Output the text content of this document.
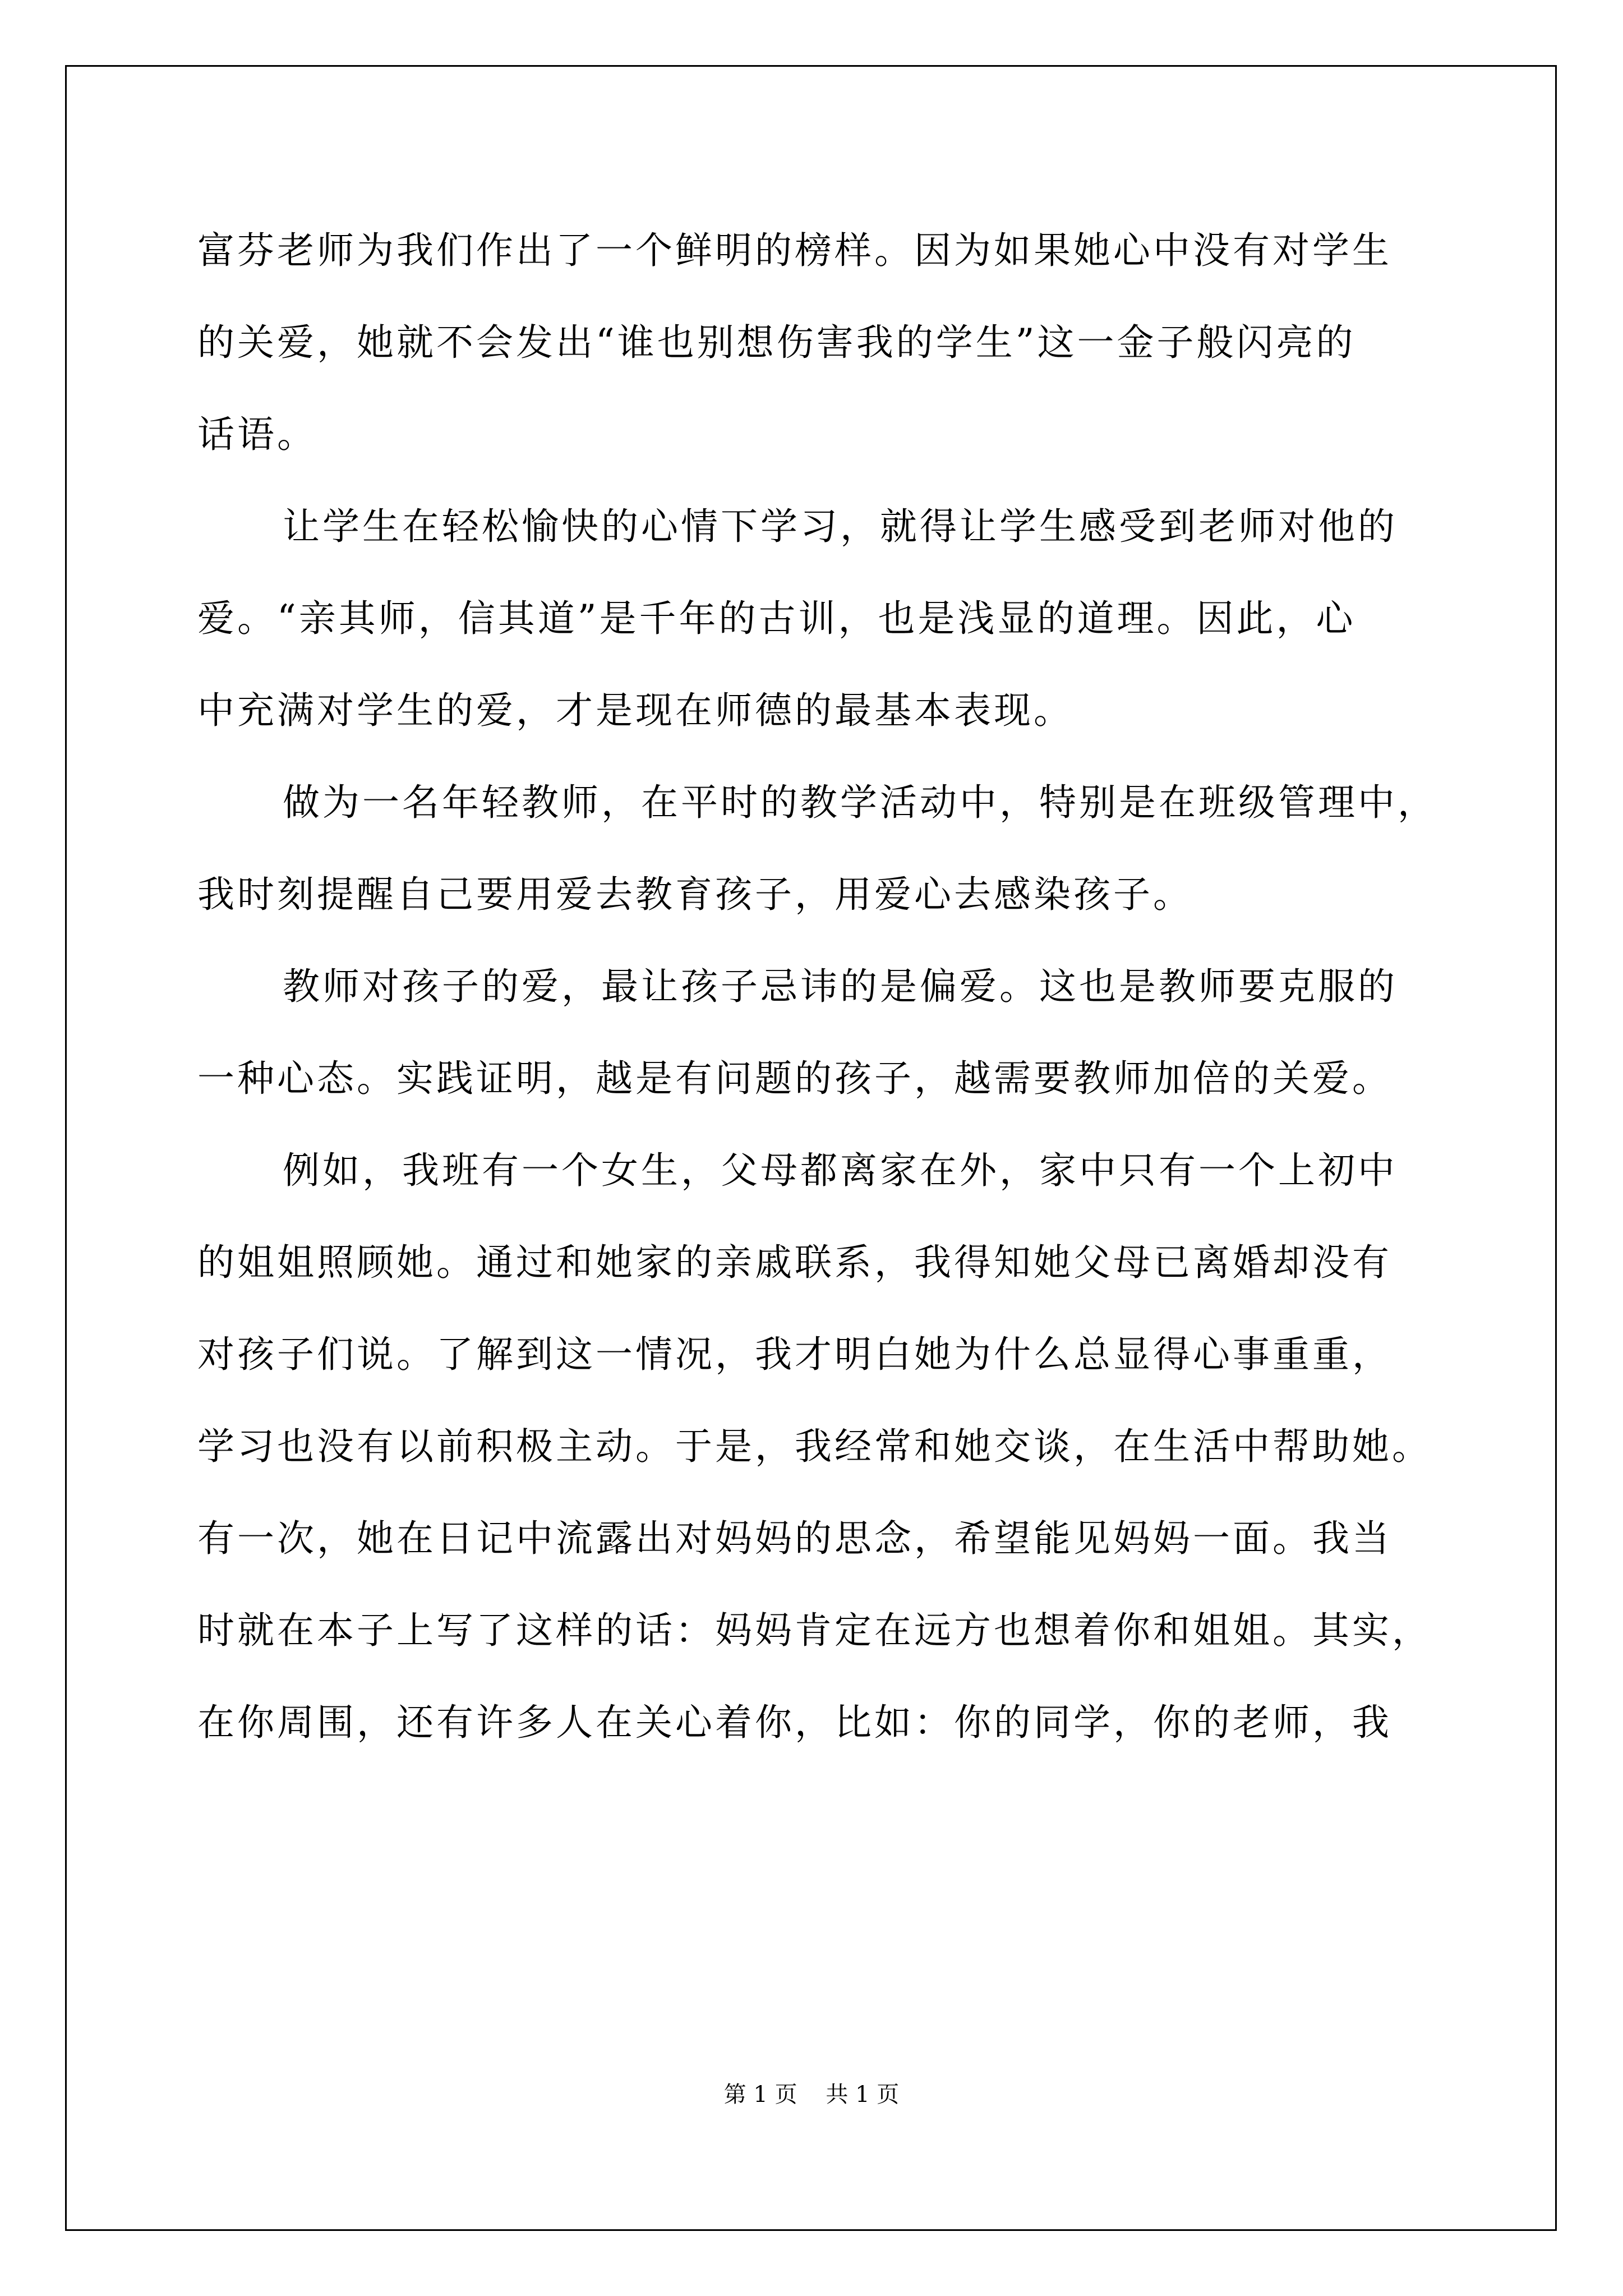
富芬老师为我们作出了一个鲜明的榜样。因为如果她心中没有对学生
的关爱，她就不会发出“谁也别想伤害我的学生”这一金子般闪亮的
话语。
让学生在轻松愉快的心情下学习，就得让学生感受到老师对他的
爱。“亲其师，信其道”是千年的古训，也是浅显的道理。因此，心
中充满对学生的爱，才是现在师德的最基本表现。
做为一名年轻教师，在平时的教学活动中，特别是在班级管理中，
我时刻提醒自己要用爱去教育孩子，用爱心去感染孩子。
教师对孩子的爱，最让孩子忌讳的是偏爱。这也是教师要克服的
一种心态。实践证明，越是有问题的孩子，越需要教师加倍的关爱。
例如，我班有一个女生，父母都离家在外，家中只有一个上初中
的姐姐照顾她。通过和她家的亲戚联系，我得知她父母已离婚却没有
对孩子们说。了解到这一情况，我才明白她为什么总显得心事重重，
学习也没有以前积极主动。于是，我经常和她交谈，在生活中帮助她。
有一次，她在日记中流露出对妈妈的思念，希望能见妈妈一面。我当
时就在本子上写了这样的话：妈妈肯定在远方也想着你和姐姐。其实，
在你周围，还有许多人在关心着你，比如：你的同学，你的老师，我
第 1 页    共 1 页
